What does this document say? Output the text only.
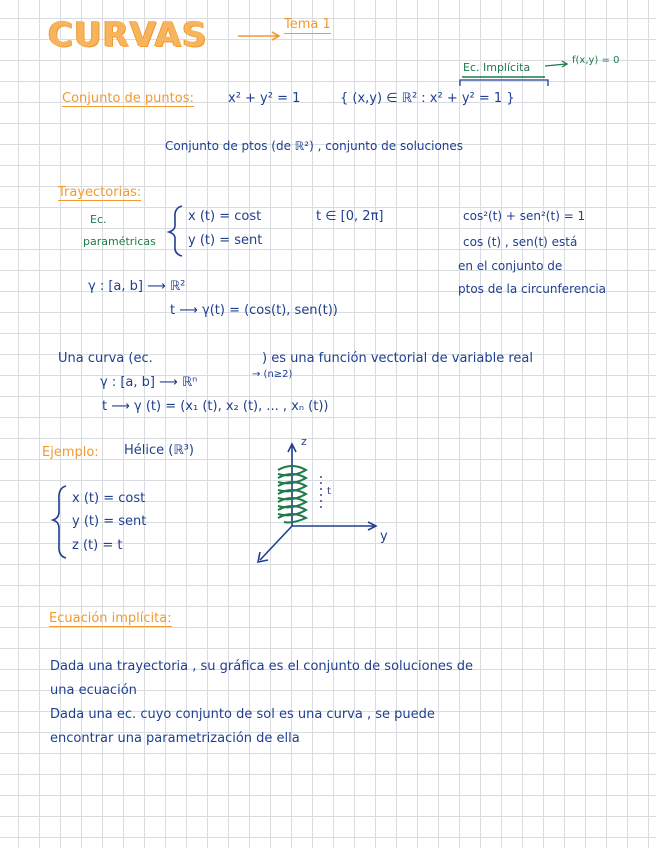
CURVAS	Tema 1
Ec. Implícita
f(x,y) = 0
Conjunto de puntos:	x² + y² = 1	{ (x,y) ∈ ℝ² : x² + y² = 1 }
Conjunto de ptos (de ℝ²) , conjunto de soluciones
Trayectorias:
Ec.
paramétricas
x (t) = cost
y (t) = sent
t ∈ [0, 2π]	cos²(t) + sen²(t) = 1
cos (t) , sen(t) está
en el conjunto de
ptos de la circunferencia
γ : [a, b] ⟶ ℝ²
t ⟶ γ(t) = (cos(t), sen(t))
Una curva (ec.	) es una función vectorial de variable real
γ : [a, b] ⟶ ℝⁿ
→ (n≥2)
t ⟶ γ (t) = (x₁ (t), x₂ (t), ... , xₙ (t))
Ejemplo: Hélice (ℝ³)
x (t) = cost
y (t) = sent
z (t) = t
z
y
t
Ecuación implícita:
Dada una trayectoria , su gráfica es el conjunto de soluciones de
una ecuación
Dada una ec. cuyo conjunto de sol es una curva , se puede
encontrar una parametrización de ella
